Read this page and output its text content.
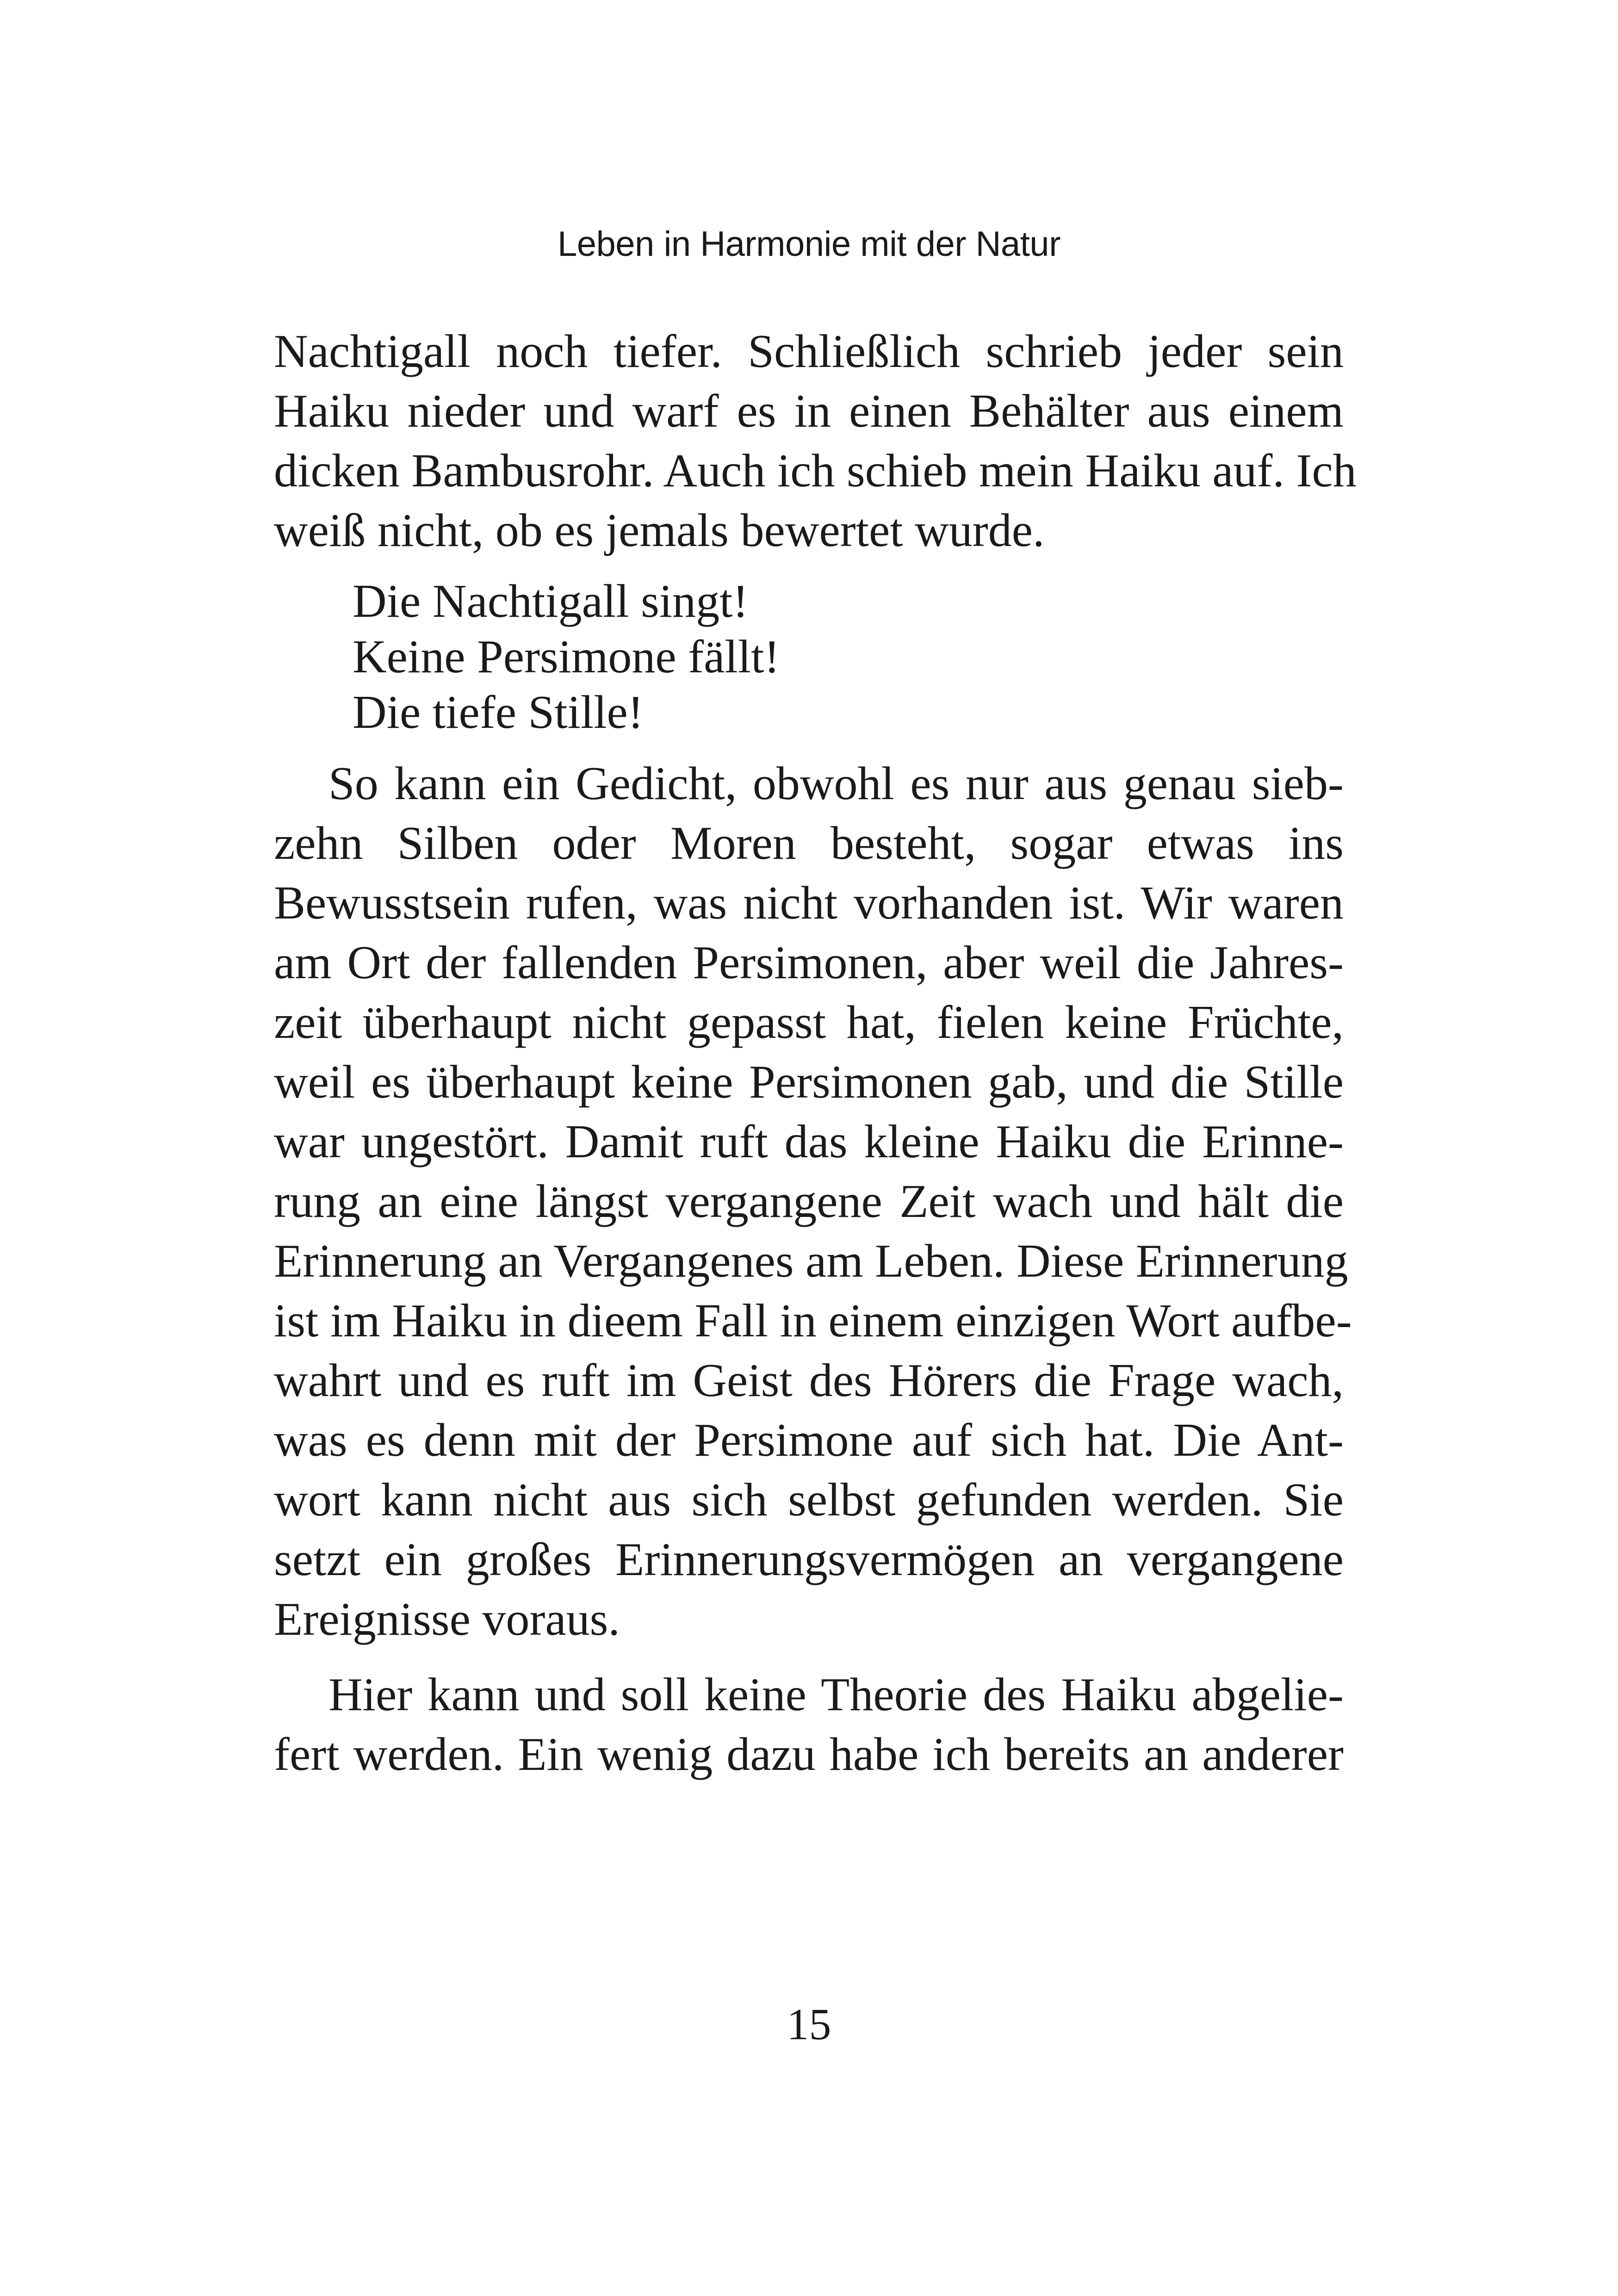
Leben in Harmonie mit der Natur

Nachtigall noch tiefer. Schließlich schrieb jeder sein
Haiku nieder und warf es in einen Behälter aus einem
dicken Bambusrohr. Auch ich schieb mein Haiku auf. Ich
weiß nicht, ob es jemals bewertet wurde.

Die Nachtigall singt!
Keine Persimone fällt!
Die tiefe Stille!

So kann ein Gedicht, obwohl es nur aus genau sieb-
zehn Silben oder Moren besteht, sogar etwas ins
Bewusstsein rufen, was nicht vorhanden ist. Wir waren
am Ort der fallenden Persimonen, aber weil die Jahres-
zeit überhaupt nicht gepasst hat, fielen keine Früchte,
weil es überhaupt keine Persimonen gab, und die Stille
war ungestört. Damit ruft das kleine Haiku die Erinne-
rung an eine längst vergangene Zeit wach und hält die
Erinnerung an Vergangenes am Leben. Diese Erinnerung
ist im Haiku in dieem Fall in einem einzigen Wort aufbe-
wahrt und es ruft im Geist des Hörers die Frage wach,
was es denn mit der Persimone auf sich hat. Die Ant-
wort kann nicht aus sich selbst gefunden werden. Sie
setzt ein großes Erinnerungsvermögen an vergangene
Ereignisse voraus.

Hier kann und soll keine Theorie des Haiku abgelie-
fert werden. Ein wenig dazu habe ich bereits an anderer

15
